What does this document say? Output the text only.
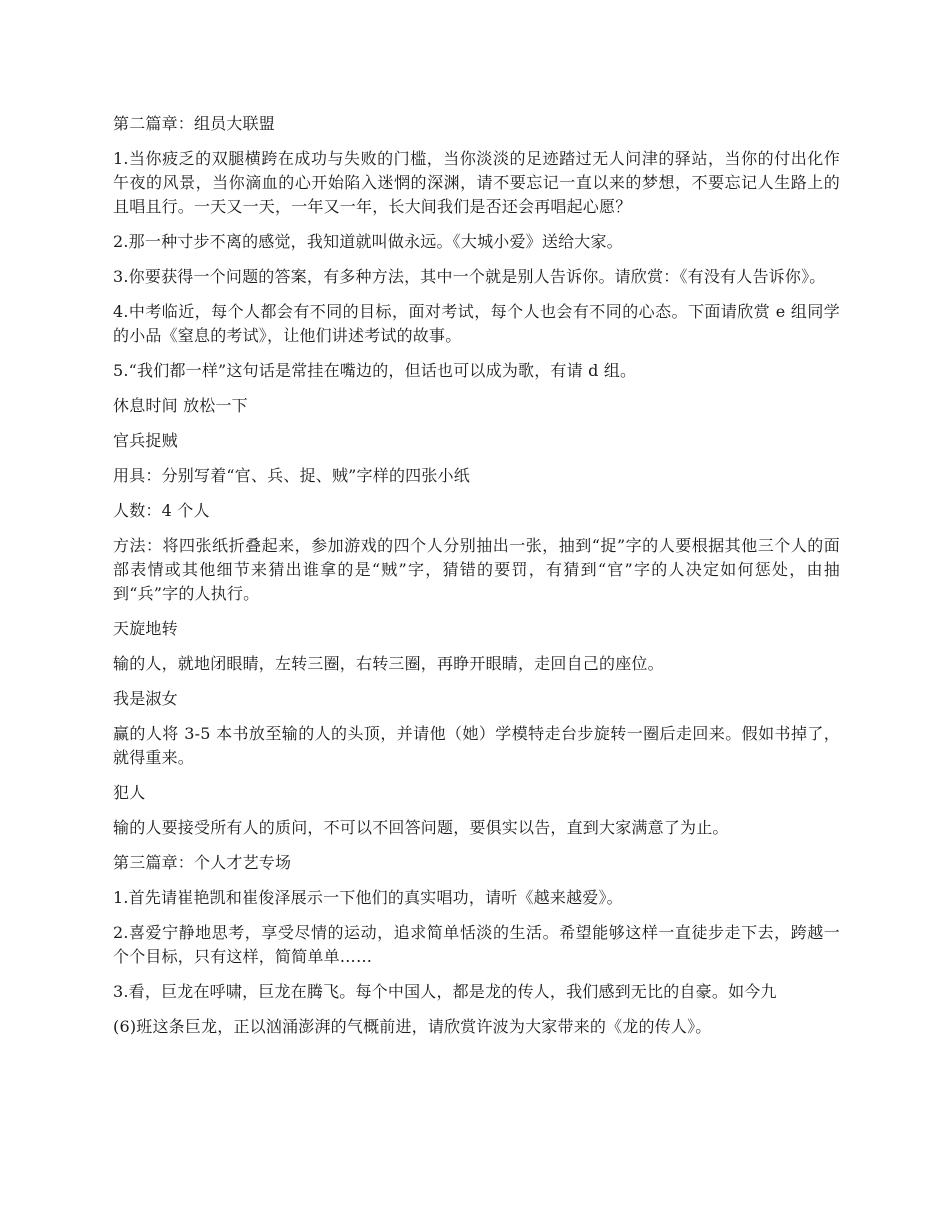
第二篇章：组员大联盟

1.当你疲乏的双腿横跨在成功与失败的门槛，当你淡淡的足迹踏过无人问津的驿站，当你的付出化作午夜的风景，当你滴血的心开始陷入迷惘的深渊，请不要忘记一直以来的梦想，不要忘记人生路上的且唱且行。一天又一天，一年又一年，长大间我们是否还会再唱起心愿？

2.那一种寸步不离的感觉，我知道就叫做永远。《大城小爱》送给大家。

3.你要获得一个问题的答案，有多种方法，其中一个就是别人告诉你。请欣赏：《有没有人告诉你》。

4.中考临近，每个人都会有不同的目标，面对考试，每个人也会有不同的心态。下面请欣赏 e 组同学的小品《窒息的考试》，让他们讲述考试的故事。

5.“我们都一样”这句话是常挂在嘴边的，但话也可以成为歌，有请 d 组。

休息时间 放松一下

官兵捉贼

用具：分别写着“官、兵、捉、贼”字样的四张小纸

人数：4 个人

方法：将四张纸折叠起来，参加游戏的四个人分别抽出一张，抽到“捉”字的人要根据其他三个人的面部表情或其他细节来猜出谁拿的是“贼”字，猜错的要罚，有猜到“官”字的人决定如何惩处，由抽到“兵”字的人执行。

天旋地转

输的人，就地闭眼睛，左转三圈，右转三圈，再睁开眼睛，走回自己的座位。

我是淑女

赢的人将 3-5 本书放至输的人的头顶，并请他（她）学模特走台步旋转一圈后走回来。假如书掉了，就得重来。

犯人

输的人要接受所有人的质问，不可以不回答问题，要俱实以告，直到大家满意了为止。

第三篇章：个人才艺专场

1.首先请崔艳凯和崔俊泽展示一下他们的真实唱功，请听《越来越爱》。

2.喜爱宁静地思考，享受尽情的运动，追求简单恬淡的生活。希望能够这样一直徒步走下去，跨越一个个目标，只有这样，简简单单……

3.看，巨龙在呼啸，巨龙在腾飞。每个中国人，都是龙的传人，我们感到无比的自豪。如今九

(6)班这条巨龙，正以汹涌澎湃的气概前进，请欣赏许波为大家带来的《龙的传人》。
